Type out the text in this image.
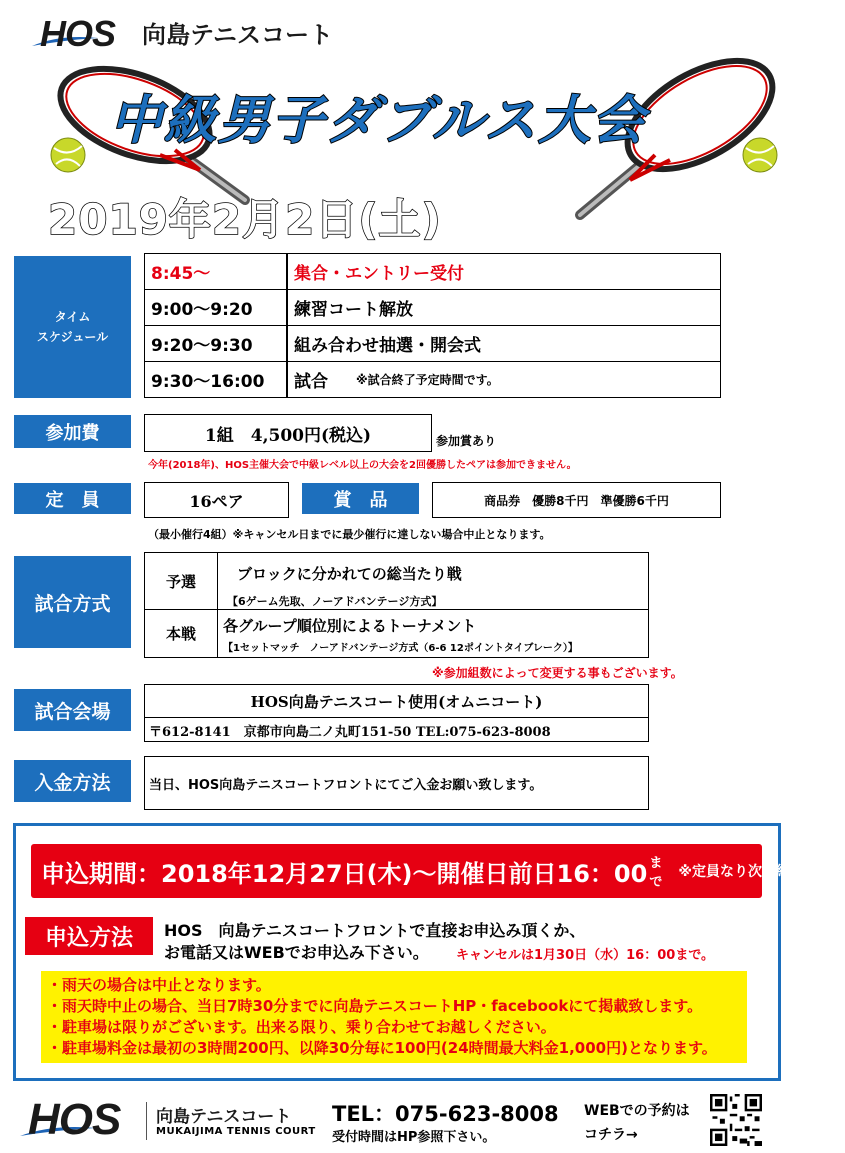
HOS 向島テニスコート
中級男子ダブルス大会
2019年2月2日(土)
タイム
スケジュール
8:45〜	集合・エントリー受付
9:00〜9:20	練習コート解放
9:20〜9:30	組み合わせ抽選・開会式
9:30〜16:00	試合 ※試合終了予定時間です。
参加費	1組　4,500円(税込)	参加賞あり
今年(2018年)、HOS主催大会で中級レベル以上の大会を2回優勝したペアは参加できません。
定　員	16ペア	賞　品	商品券　優勝8千円　準優勝6千円
（最小催行4組）※キャンセル日までに最少催行に達しない場合中止となります。
試合方式
予選	ブロックに分かれての総当たり戦
【6ゲーム先取、ノーアドバンテージ方式】
本戦	各グループ順位別によるトーナメント
【1セットマッチ　ノーアドバンテージ方式（6-6 12ポイントタイブレーク）】
※参加組数によって変更する事もございます。
試合会場	HOS向島テニスコート使用(オムニコート)
〒612-8141　京都市向島二ノ丸町151-50 TEL:075-623-8008
入金方法	当日、HOS向島テニスコートフロントにてご入金お願い致します。
申込期間：2018年12月27日(木)〜開催日前日16：00 まで
※定員なり次第終了です。
申込方法	HOS　向島テニスコートフロントで直接お申込み頂くか、
お電話又はWEBでお申込み下さい。 キャンセルは1月30日（水）16：00まで。
・雨天の場合は中止となります。
・雨天時中止の場合、当日7時30分までに向島テニスコートHP・facebookにて掲載致します。
・駐車場は限りがございます。出来る限り、乗り合わせてお越しください。
・駐車場料金は最初の3時間200円、以降30分毎に100円(24時間最大料金1,000円)となります。
HOS 向島テニスコート
MUKAIJIMA TENNIS COURT
TEL：075-623-8008
受付時間はHP参照下さい。
WEBでの予約は
コチラ→
